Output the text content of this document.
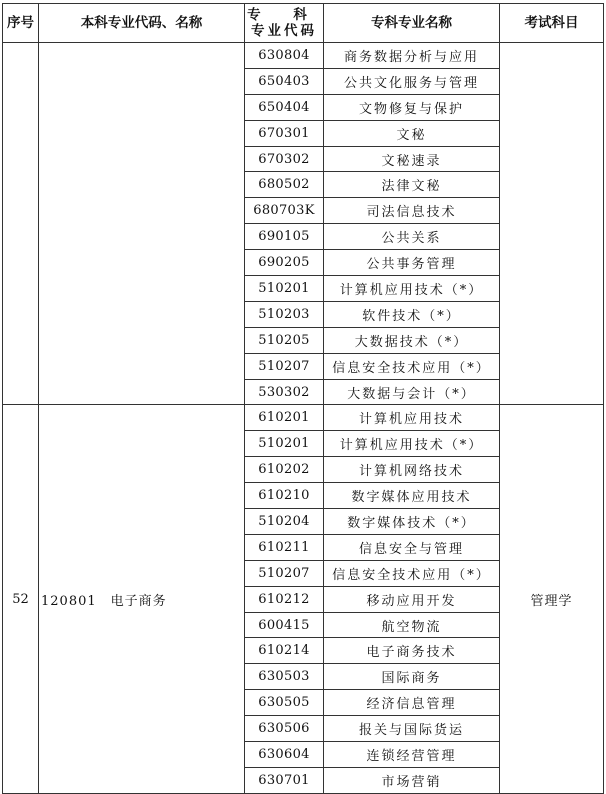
序号	本科专业代码、名称	专 科
专业代码	专科专业名称	考试科目
		630804	商务数据分析与应用	
		650403	公共文化服务与管理	
		650404	文物修复与保护	
		670301	文秘	
		670302	文秘速录	
		680502	法律文秘	
		680703K	司法信息技术	
		690105	公共关系	
		690205	公共事务管理	
		510201	计算机应用技术（*）	
		510203	软件技术（*）	
		510205	大数据技术（*）	
		510207	信息安全技术应用（*）	
		530302	大数据与会计（*）	
52	120801　电子商务	610201	计算机应用技术	管理学
		510201	计算机应用技术（*）	
		610202	计算机网络技术	
		610210	数字媒体应用技术	
		510204	数字媒体技术（*）	
		610211	信息安全与管理	
		510207	信息安全技术应用（*）	
		610212	移动应用开发	
		600415	航空物流	
		610214	电子商务技术	
		630503	国际商务	
		630505	经济信息管理	
		630506	报关与国际货运	
		630604	连锁经营管理	
		630701	市场营销	
